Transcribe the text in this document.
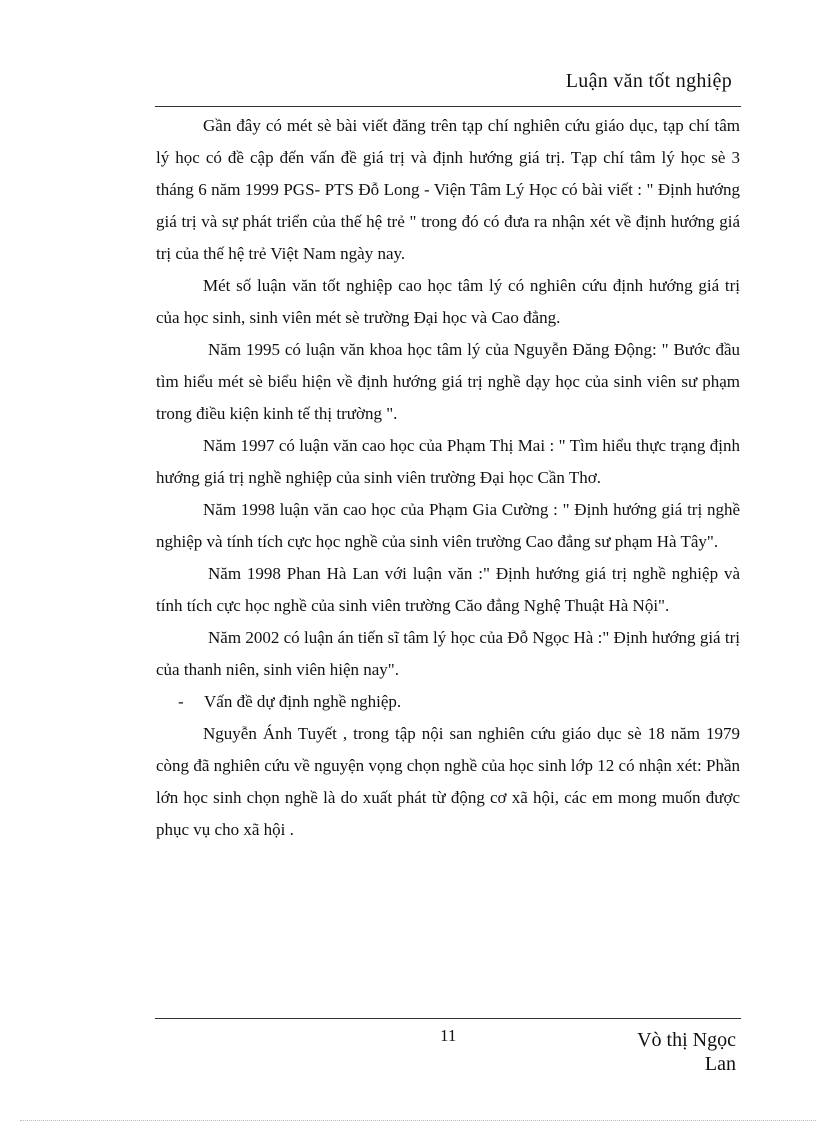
Luận văn tốt nghiệp

Gần đây có mét sè bài viết đăng trên tạp chí nghiên cứu giáo dục, tạp chí tâm lý học có đề cập đến vấn đề giá trị và định hướng giá trị. Tạp chí tâm lý học sè 3 tháng 6 năm 1999 PGS- PTS Đỗ Long - Viện Tâm Lý Học có bài viết : " Định hướng giá trị và sự phát triển của thế hệ trẻ " trong đó có đưa ra nhận xét về định hướng giá trị của thế hệ trẻ Việt Nam ngày nay.

Mét số luận văn tốt nghiệp cao học tâm lý có nghiên cứu định hướng giá trị của học sinh, sinh viên mét sè trường Đại học và Cao đẳng.

Năm 1995 có luận văn khoa học tâm lý của Nguyễn Đăng Động: " Bước đầu tìm hiểu mét sè biểu hiện về định hướng giá trị nghề dạy học của sinh viên sư phạm trong điều kiện kinh tế thị trường ".

Năm 1997 có luận văn cao học của Phạm Thị Mai : " Tìm hiểu thực trạng định hướng giá trị nghề nghiệp của sinh viên trường Đại học Cần Thơ.

Năm 1998 luận văn cao học của Phạm Gia Cường : " Định hướng giá trị nghề nghiệp và tính tích cực học nghề của sinh viên trường Cao đẳng sư phạm Hà Tây".

Năm 1998 Phan Hà Lan với luận văn :" Định hướng giá trị nghề nghiệp và tính tích cực học nghề của sinh viên trường Căo đẳng Nghệ Thuật Hà Nội".

Năm 2002 có luận án tiến sĩ tâm lý học của Đỗ Ngọc Hà :" Định hướng giá trị của thanh niên, sinh viên hiện nay".

- Vấn đề dự định nghề nghiệp.

Nguyễn Ánh Tuyết , trong tập nội san nghiên cứu giáo dục sè 18 năm 1979 còng đã nghiên cứu về nguyện vọng chọn nghề của học sinh lớp 12 có nhận xét: Phần lớn học sinh chọn nghề là do xuất phát từ động cơ xã hội, các em mong muốn được phục vụ cho xã hội .

11	Vò thị Ngọc
Lan
